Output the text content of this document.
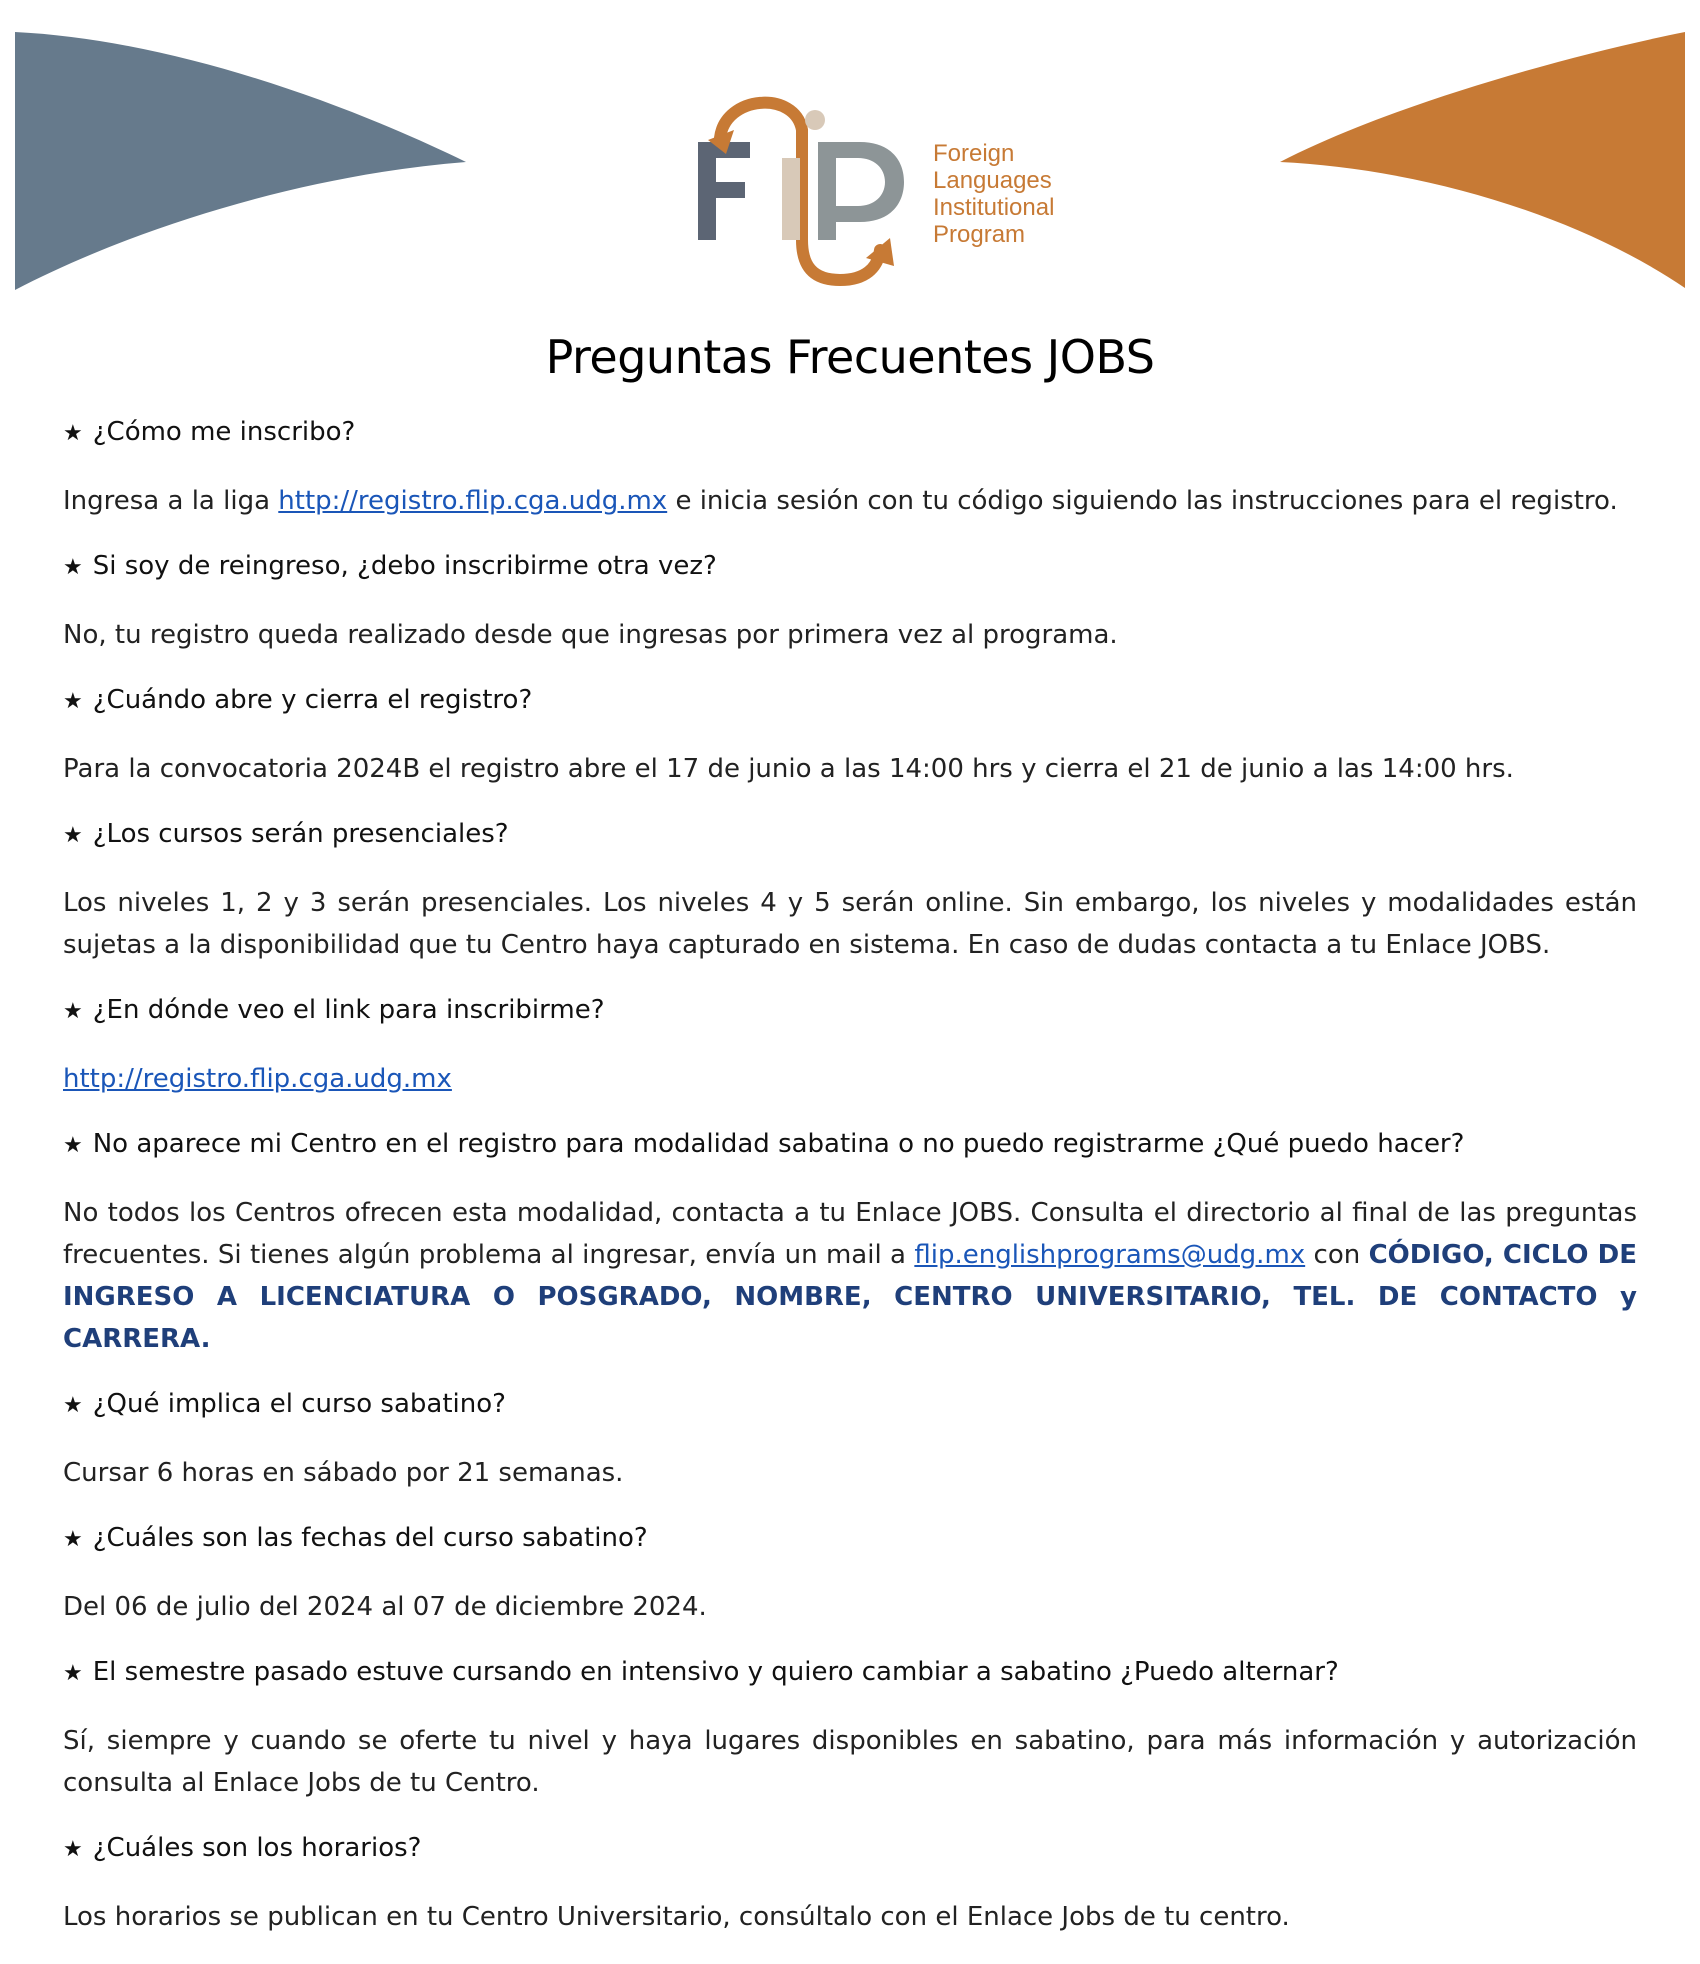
Foreign
Languages
Institutional
Program
Preguntas Frecuentes JOBS
★ ¿Cómo me inscribo?
Ingresa a la liga http://registro.flip.cga.udg.mx e inicia sesión con tu código siguiendo las instrucciones para el registro.
★ Si soy de reingreso, ¿debo inscribirme otra vez?
No, tu registro queda realizado desde que ingresas por primera vez al programa.
★ ¿Cuándo abre y cierra el registro?
Para la convocatoria 2024B el registro abre el 17 de junio a las 14:00 hrs y cierra el 21 de junio a las 14:00 hrs.
★ ¿Los cursos serán presenciales?
Los niveles 1, 2 y 3 serán presenciales. Los niveles 4 y 5 serán online. Sin embargo, los niveles y modalidades están sujetas a la disponibilidad que tu Centro haya capturado en sistema. En caso de dudas contacta a tu Enlace JOBS.
★ ¿En dónde veo el link para inscribirme?
http://registro.flip.cga.udg.mx
★ No aparece mi Centro en el registro para modalidad sabatina o no puedo registrarme ¿Qué puedo hacer?
No todos los Centros ofrecen esta modalidad, contacta a tu Enlace JOBS. Consulta el directorio al final de las preguntas frecuentes. Si tienes algún problema al ingresar, envía un mail a flip.englishprograms@udg.mx con CÓDIGO, CICLO DE INGRESO A LICENCIATURA O POSGRADO, NOMBRE, CENTRO UNIVERSITARIO, TEL. DE CONTACTO y CARRERA.
★ ¿Qué implica el curso sabatino?
Cursar 6 horas en sábado por 21 semanas.
★ ¿Cuáles son las fechas del curso sabatino?
Del 06 de julio del 2024 al 07 de diciembre 2024.
★ El semestre pasado estuve cursando en intensivo y quiero cambiar a sabatino ¿Puedo alternar?
Sí, siempre y cuando se oferte tu nivel y haya lugares disponibles en sabatino, para más información y autorización consulta al Enlace Jobs de tu Centro.
★ ¿Cuáles son los horarios?
Los horarios se publican en tu Centro Universitario, consúltalo con el Enlace Jobs de tu centro.
